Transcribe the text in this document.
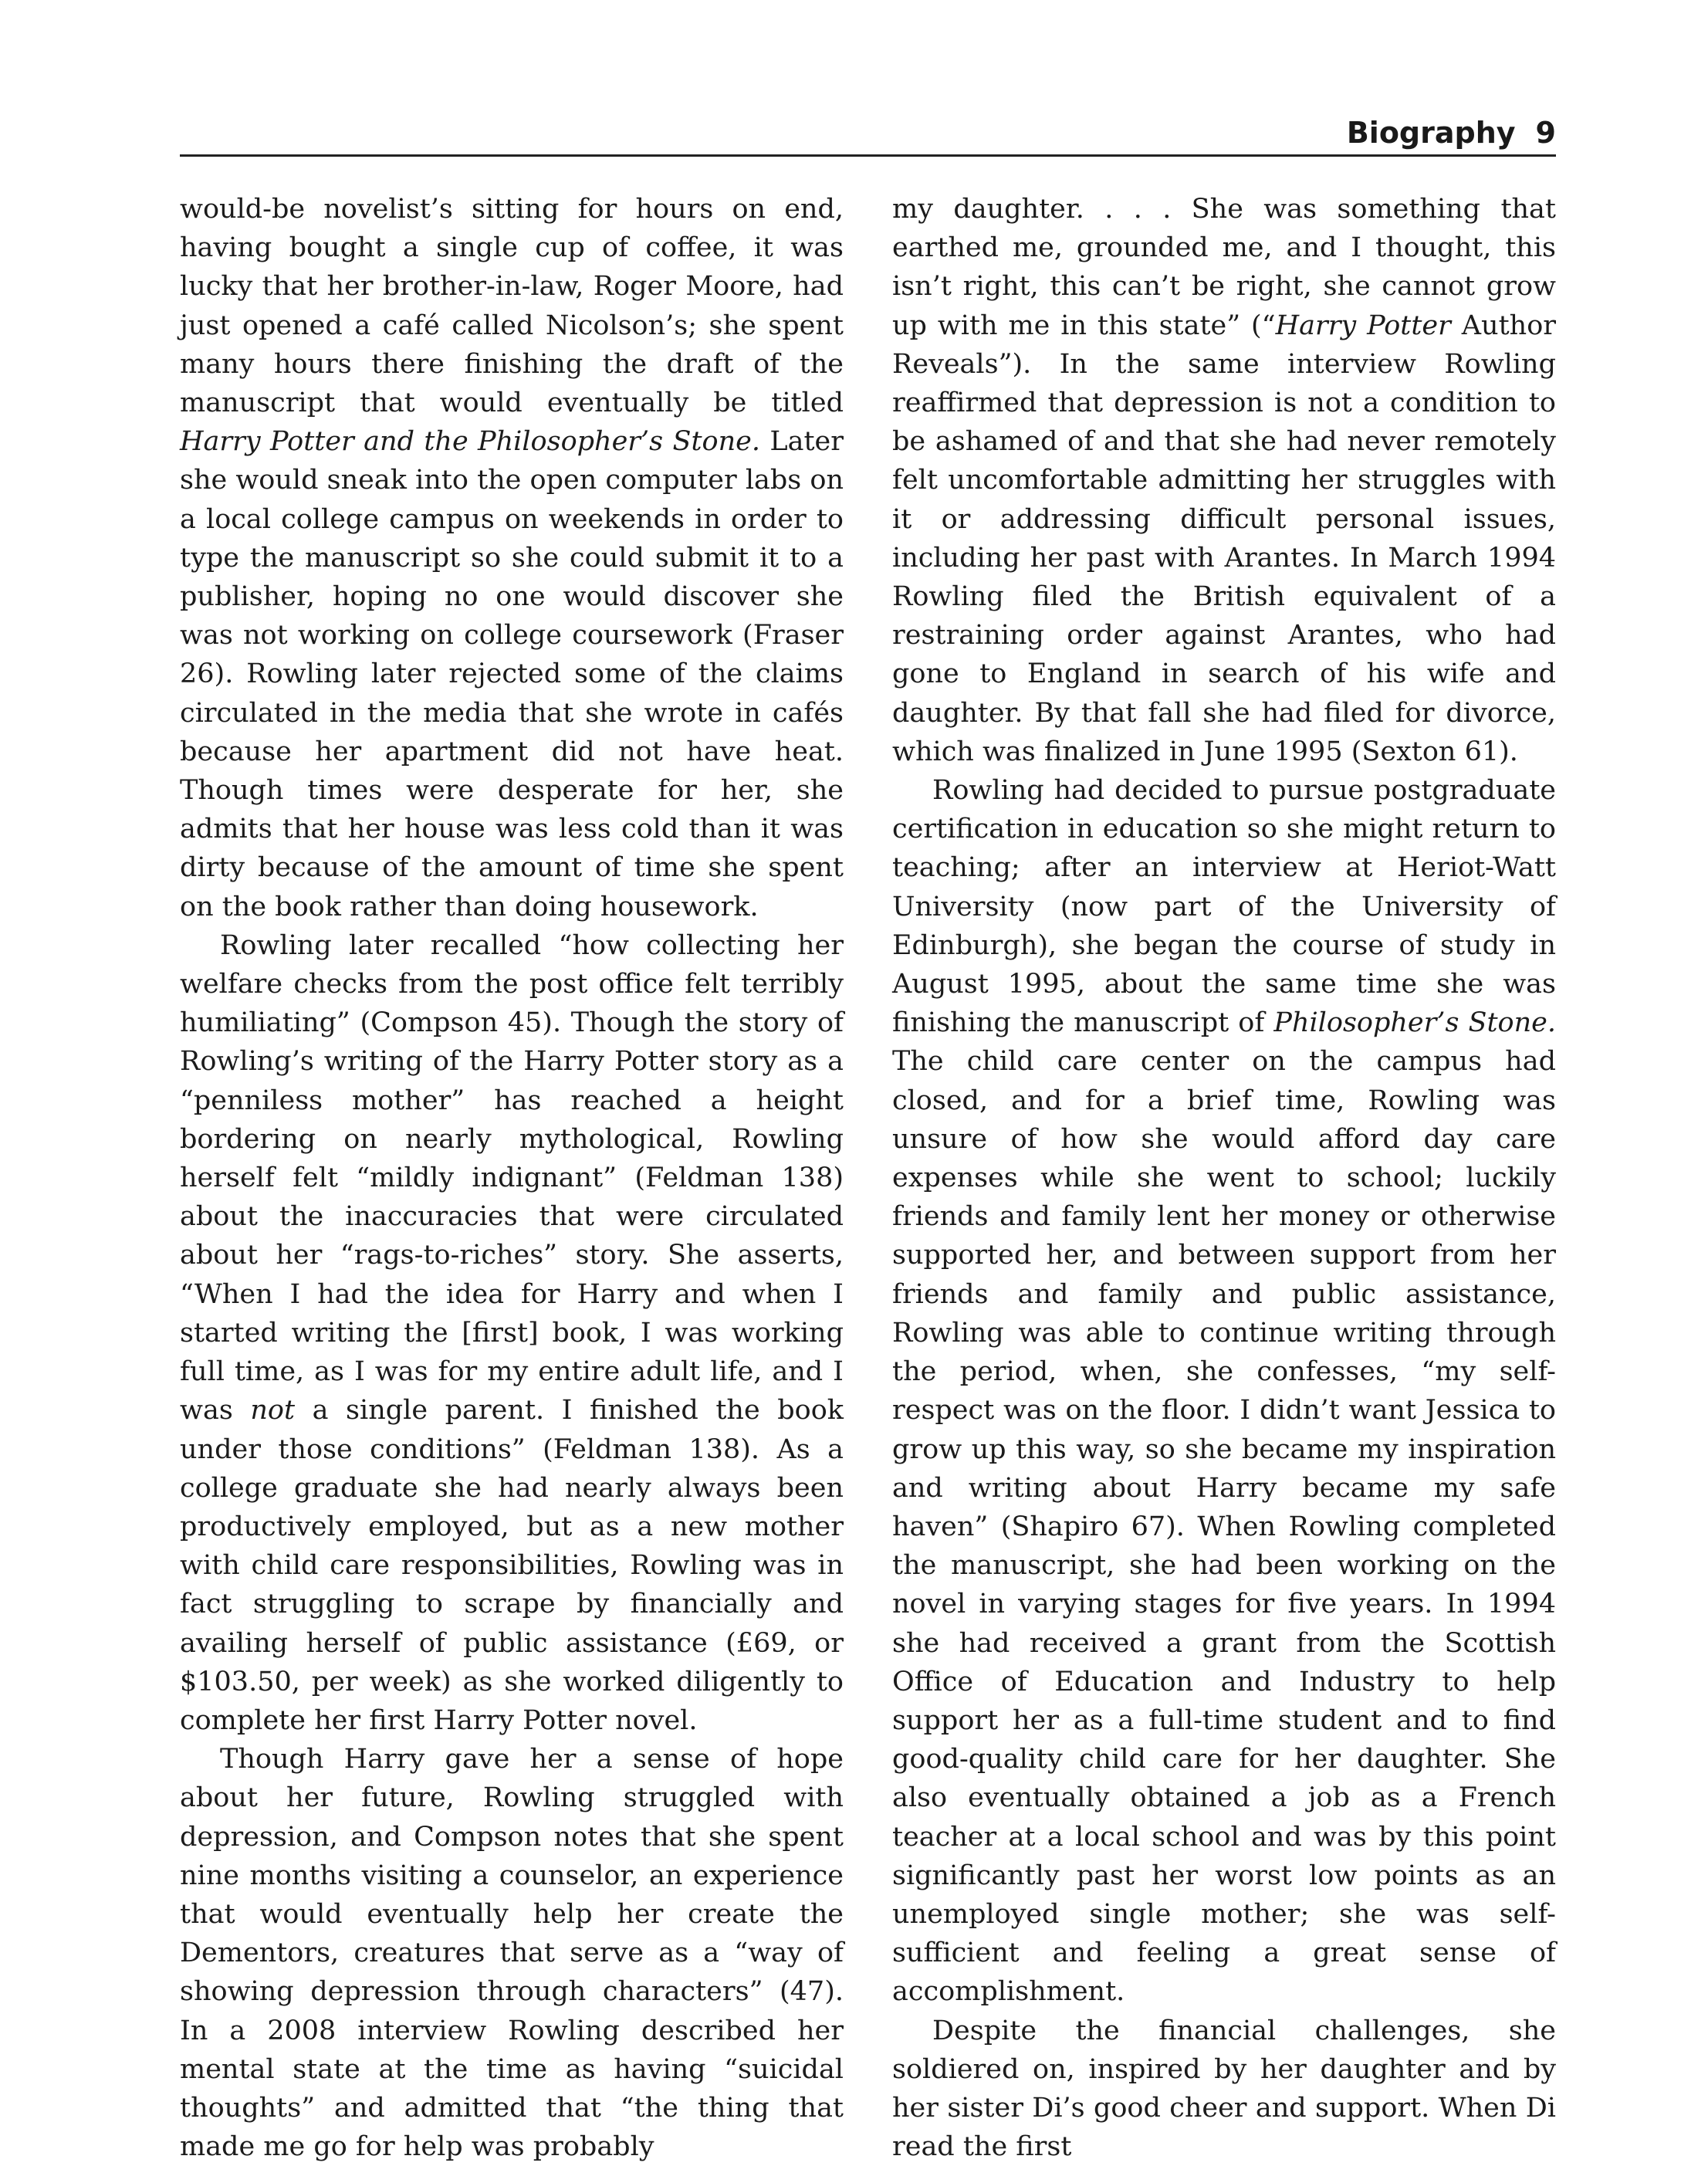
Biography 9

would-be novelist’s sitting for hours on end, having bought a single cup of coffee, it was lucky that her brother-in-law, Roger Moore, had just opened a café called Nicolson’s; she spent many hours there finishing the draft of the manuscript that would eventually be titled Harry Potter and the Philosopher’s Stone. Later she would sneak into the open computer labs on a local college campus on weekends in order to type the manuscript so she could submit it to a publisher, hoping no one would discover she was not working on college coursework (Fraser 26). Rowling later rejected some of the claims circulated in the media that she wrote in cafés because her apartment did not have heat. Though times were desperate for her, she admits that her house was less cold than it was dirty because of the amount of time she spent on the book rather than doing housework.

Rowling later recalled “how collecting her welfare checks from the post office felt terribly humiliating” (Compson 45). Though the story of Rowling’s writing of the Harry Potter story as a “penniless mother” has reached a height bordering on nearly mythological, Rowling herself felt “mildly indignant” (Feldman 138) about the inaccuracies that were circulated about her “rags-to-riches” story. She asserts, “When I had the idea for Harry and when I started writing the [first] book, I was working full time, as I was for my entire adult life, and I was not a single parent. I finished the book under those conditions” (Feldman 138). As a college graduate she had nearly always been productively employed, but as a new mother with child care responsibilities, Rowling was in fact struggling to scrape by financially and availing herself of public assistance (£69, or $103.50, per week) as she worked diligently to complete her first Harry Potter novel.

Though Harry gave her a sense of hope about her future, Rowling struggled with depression, and Compson notes that she spent nine months visiting a counselor, an experience that would eventually help her create the Dementors, creatures that serve as a “way of showing depression through characters” (47). In a 2008 interview Rowling described her mental state at the time as having “suicidal thoughts” and admitted that “the thing that made me go for help was probably

my daughter. . . . She was something that earthed me, grounded me, and I thought, this isn’t right, this can’t be right, she cannot grow up with me in this state” (“Harry Potter Author Reveals”). In the same interview Rowling reaffirmed that depression is not a condition to be ashamed of and that she had never remotely felt uncomfortable admitting her struggles with it or addressing difficult personal issues, including her past with Arantes. In March 1994 Rowling filed the British equivalent of a restraining order against Arantes, who had gone to England in search of his wife and daughter. By that fall she had filed for divorce, which was finalized in June 1995 (Sexton 61).

Rowling had decided to pursue postgraduate certification in education so she might return to teaching; after an interview at Heriot-Watt University (now part of the University of Edinburgh), she began the course of study in August 1995, about the same time she was finishing the manuscript of Philosopher’s Stone. The child care center on the campus had closed, and for a brief time, Rowling was unsure of how she would afford day care expenses while she went to school; luckily friends and family lent her money or otherwise supported her, and between support from her friends and family and public assistance, Rowling was able to continue writing through the period, when, she confesses, “my self-respect was on the floor. I didn’t want Jessica to grow up this way, so she became my inspiration and writing about Harry became my safe haven” (Shapiro 67). When Rowling completed the manuscript, she had been working on the novel in varying stages for five years. In 1994 she had received a grant from the Scottish Office of Education and Industry to help support her as a full-time student and to find good-quality child care for her daughter. She also eventually obtained a job as a French teacher at a local school and was by this point significantly past her worst low points as an unemployed single mother; she was self-sufficient and feeling a great sense of accomplishment.

Despite the financial challenges, she soldiered on, inspired by her daughter and by her sister Di’s good cheer and support. When Di read the first
